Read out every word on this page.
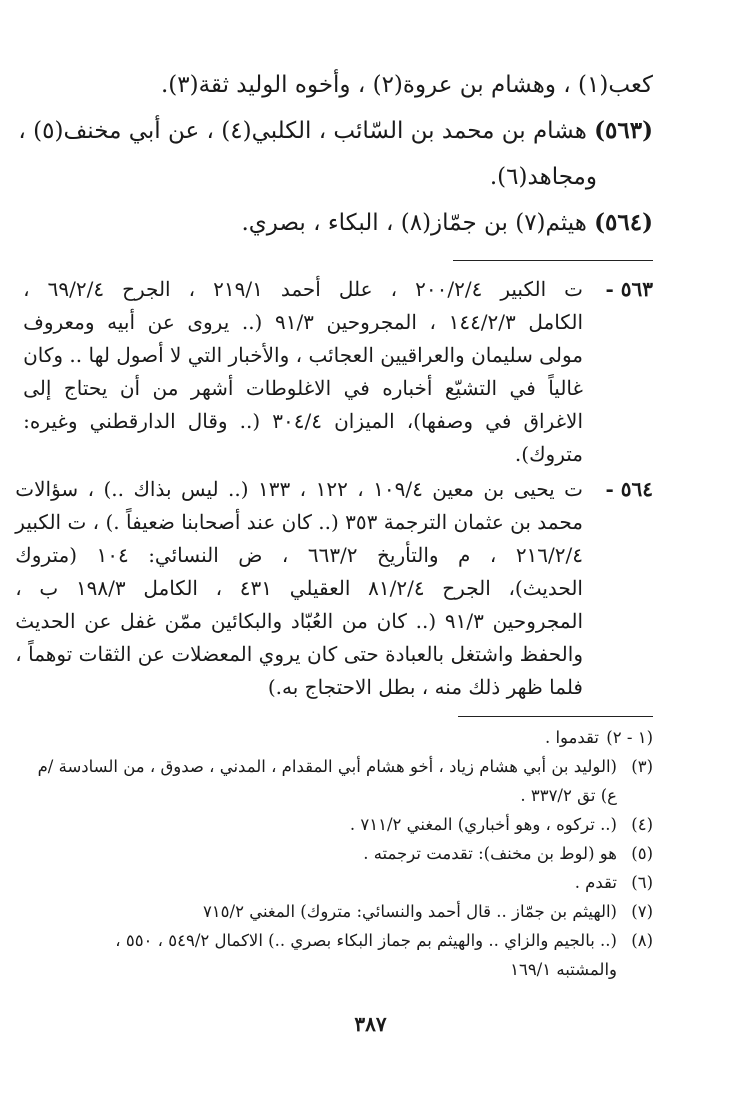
كعب(١) ، وهشام بن عروة(٢) ، وأخوه الوليد ثقة(٣).
(٥٦٣) هشام بن محمد بن السّائب ، الكلبي(٤) ، عن أبي مخنف(٥) ،
ومجاهد(٦).
(٥٦٤) هيثم(٧) بن جمّاز(٨) ، البكاء ، بصري.
٥٦٣ -
ت الكبير ٢٠٠/٢/٤ ، علل أحمد ٢١٩/١ ، الجرح ٦٩/٢/٤ ،
الكامل ١٤٤/٢/٣ ، المجروحين ٩١/٣ (.. يروى عن أبيه ومعروف
مولى سليمان والعراقيين العجائب ، والأخبار التي لا أصول لها .. وكان
غالياً في التشيّع أخباره في الاغلوطات أشهر من أن يحتاج إلى
الاغراق في وصفها)، الميزان ٣٠٤/٤ (.. وقال الدارقطني وغيره:
متروك).
٥٦٤ -
ت يحيى بن معين ١٠٩/٤ ، ١٢٢ ، ١٣٣ (.. ليس بذاك ..) ، سؤالات
محمد بن عثمان الترجمة ٣٥٣ (.. كان عند أصحابنا ضعيفاً .) ، ت الكبير
٢١٦/٢/٤ ، م والتأريخ ٦٦٣/٢ ، ض النسائي: ١٠٤ (متروك
الحديث)، الجرح ٨١/٢/٤ العقيلي ٤٣١ ، الكامل ١٩٨/٣ ب ،
المجروحين ٩١/٣ (.. كان من العُبّاد والبكائين ممّن غفل عن الحديث
والحفظ واشتغل بالعبادة حتى كان يروي المعضلات عن الثقات توهماً ،
فلما ظهر ذلك منه ، بطل الاحتجاج به.)
(١ - ٢)
تقدموا .
(٣)
(الوليد بن أبي هشام زياد ، أخو هشام أبي المقدام ، المدني ، صدوق ، من السادسة /م
ع) تق ٣٣٧/٢ .
(٤)
(.. تركوه ، وهو أخباري) المغني ٧١١/٢ .
(٥)
هو (لوط بن مخنف): تقدمت ترجمته .
(٦)
تقدم .
(٧)
(الهيثم بن جمّاز .. قال أحمد والنسائي: متروك) المغني ٧١٥/٢
(٨)
(.. بالجيم والزاي .. والهيثم بم جماز البكاء بصري ..) الاكمال ٥٤٩/٢ ، ٥٥٠ ،
والمشتبه ١٦٩/١
٣٨٧
